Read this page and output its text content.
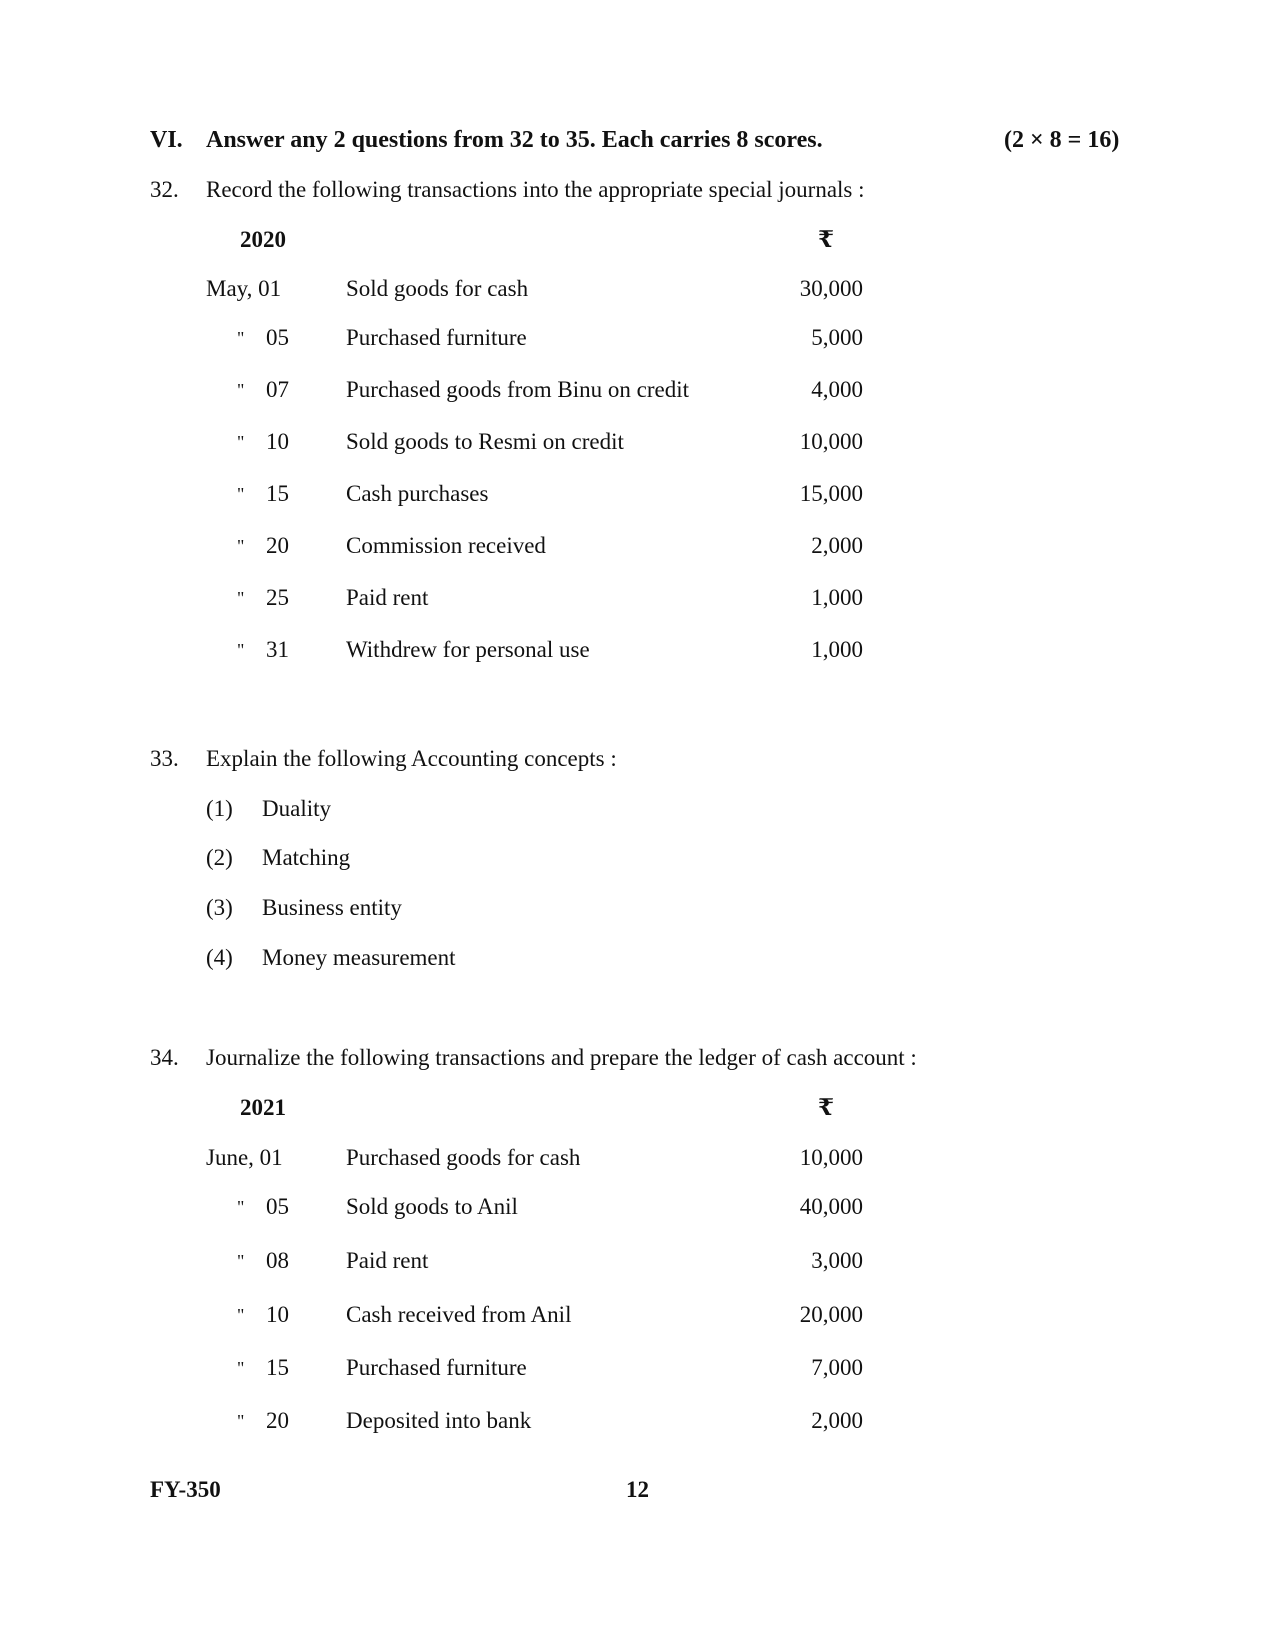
VI. Answer any 2 questions from 32 to 35. Each carries 8 scores.	(2 × 8 = 16)
32. Record the following transactions into the appropriate special journals :
2020	₹
May, 01	Sold goods for cash	30,000
" 05 Purchased furniture	5,000
" 07 Purchased goods from Binu on credit	4,000
" 10 Sold goods to Resmi on credit	10,000
" 15 Cash purchases	15,000
" 20 Commission received	2,000
" 25 Paid rent	1,000
" 31 Withdrew for personal use	1,000
33. Explain the following Accounting concepts :
(1) Duality
(2) Matching
(3) Business entity
(4) Money measurement
34. Journalize the following transactions and prepare the ledger of cash account :
2021	₹
June, 01	Purchased goods for cash	10,000
" 05 Sold goods to Anil	40,000
" 08 Paid rent	3,000
" 10 Cash received from Anil	20,000
" 15 Purchased furniture	7,000
" 20 Deposited into bank	2,000
FY-350	12
